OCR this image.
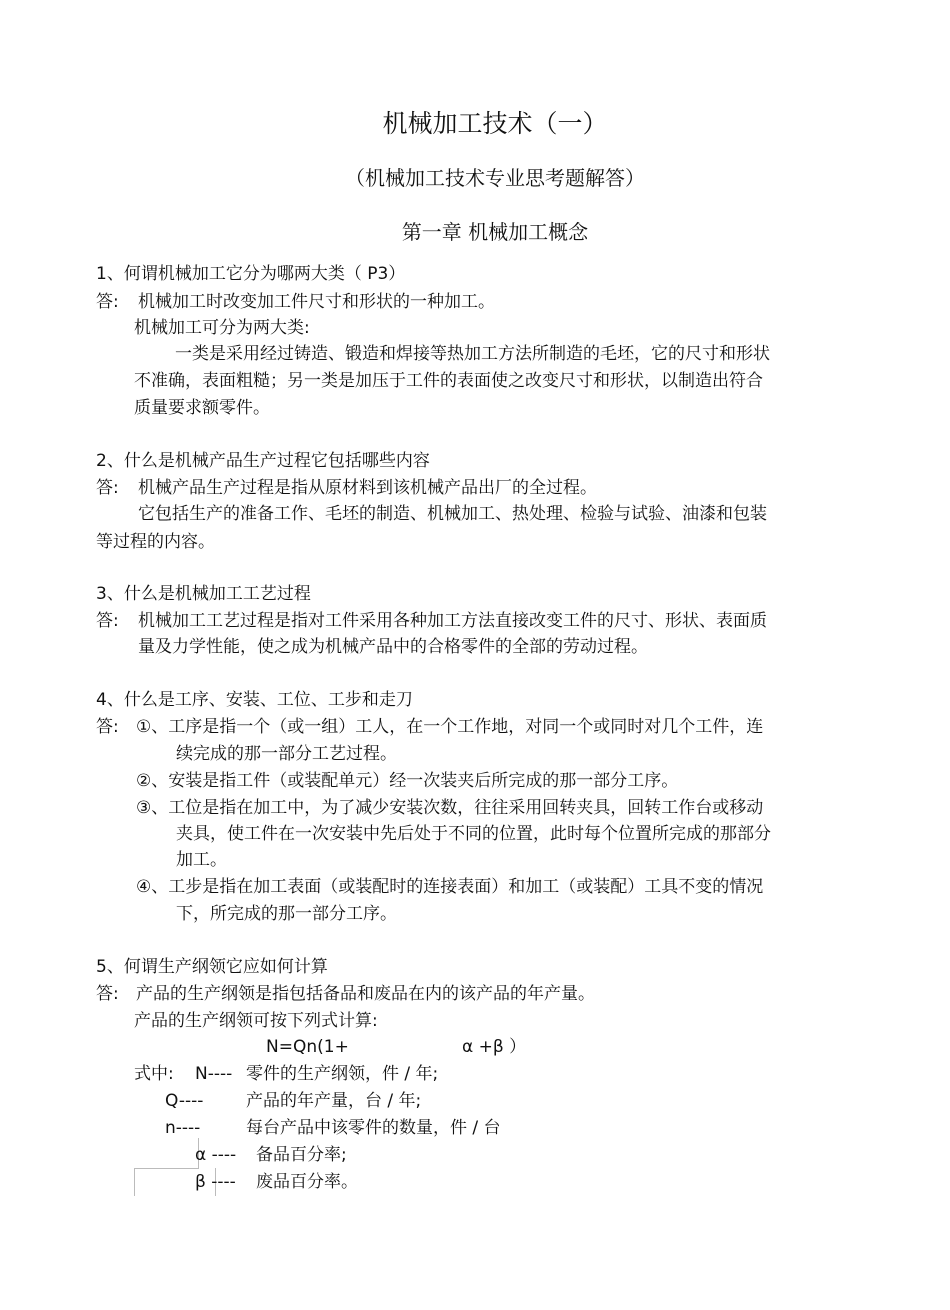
机械加工技术（一）
（机械加工技术专业思考题解答）
第一章 机械加工概念
1、何谓机械加工它分为哪两大类（ P3）
答: 机械加工时改变加工件尺寸和形状的一种加工。
机械加工可分为两大类:
一类是采用经过铸造、锻造和焊接等热加工方法所制造的毛坯，它的尺寸和形状
不准确，表面粗糙；另一类是加压于工件的表面使之改变尺寸和形状，以制造出符合
质量要求额零件。
2、什么是机械产品生产过程它包括哪些内容
答: 机械产品生产过程是指从原材料到该机械产品出厂的全过程。
它包括生产的准备工作、毛坯的制造、机械加工、热处理、检验与试验、油漆和包装
等过程的内容。
3、什么是机械加工工艺过程
答: 机械加工工艺过程是指对工件采用各种加工方法直接改变工件的尺寸、形状、表面质
量及力学性能，使之成为机械产品中的合格零件的全部的劳动过程。
4、什么是工序、安装、工位、工步和走刀
答: ①、工序是指一个（或一组）工人，在一个工作地，对同一个或同时对几个工件，连
续完成的那一部分工艺过程。
②、安装是指工件（或装配单元）经一次装夹后所完成的那一部分工序。
③、工位是指在加工中，为了减少安装次数，往往采用回转夹具，回转工作台或移动
夹具，使工件在一次安装中先后处于不同的位置，此时每个位置所完成的那部分
加工。
④、工步是指在加工表面（或装配时的连接表面）和加工（或装配）工具不变的情况
下，所完成的那一部分工序。
5、何谓生产纲领它应如何计算
答: 产品的生产纲领是指包括备品和废品在内的该产品的年产量。
产品的生产纲领可按下列式计算:
N=Qn(1+	α +β ）
式中: N---- 零件的生产纲领，件 / 年;
Q----	产品的年产量，台 / 年;
n----	每台产品中该零件的数量，件 / 台
α ---- 备品百分率;
β ---- 废品百分率。
